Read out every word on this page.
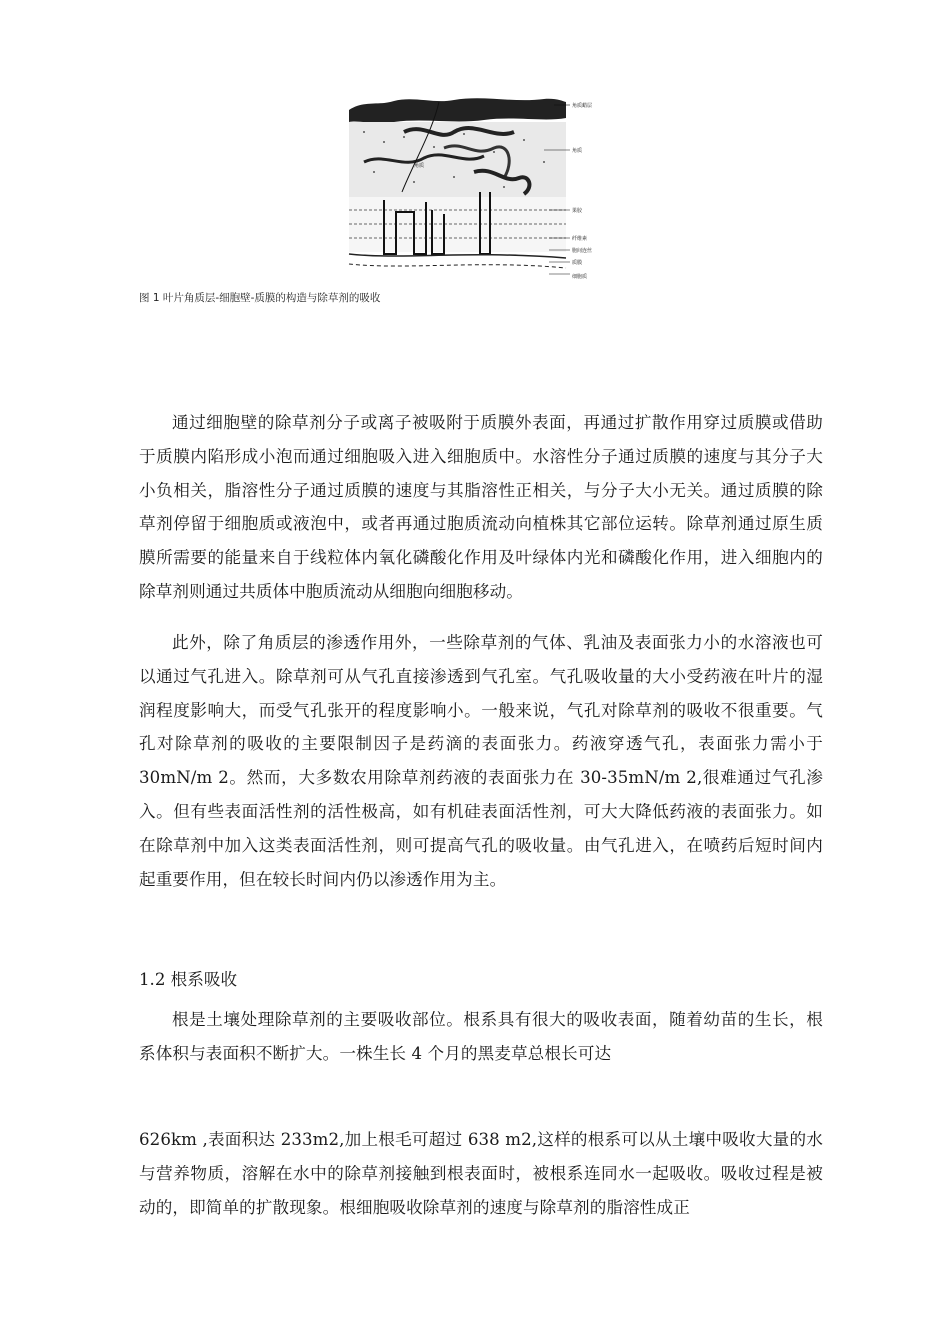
角质蜡层
角质
果胶
纤维素
胞间连丝
质膜
细胞质
角质
图 1 叶片角质层-细胞壁-质膜的构造与除草剂的吸收

通过细胞壁的除草剂分子或离子被吸附于质膜外表面，再通过扩散作用穿过质膜或借助于质膜内陷形成小泡而通过细胞吸入进入细胞质中。水溶性分子通过质膜的速度与其分子大小负相关，脂溶性分子通过质膜的速度与其脂溶性正相关，与分子大小无关。通过质膜的除草剂停留于细胞质或液泡中，或者再通过胞质流动向植株其它部位运转。除草剂通过原生质膜所需要的能量来自于线粒体内氧化磷酸化作用及叶绿体内光和磷酸化作用，进入细胞内的除草剂则通过共质体中胞质流动从细胞向细胞移动。

此外，除了角质层的渗透作用外，一些除草剂的气体、乳油及表面张力小的水溶液也可以通过气孔进入。除草剂可从气孔直接渗透到气孔室。气孔吸收量的大小受药液在叶片的湿润程度影响大，而受气孔张开的程度影响小。一般来说，气孔对除草剂的吸收不很重要。气孔对除草剂的吸收的主要限制因子是药滴的表面张力。药液穿透气孔，表面张力需小于 30mN/m 2。然而，大多数农用除草剂药液的表面张力在 30-35mN/m 2,很难通过气孔渗入。但有些表面活性剂的活性极高，如有机硅表面活性剂，可大大降低药液的表面张力。如在除草剂中加入这类表面活性剂，则可提高气孔的吸收量。由气孔进入，在喷药后短时间内起重要作用，但在较长时间内仍以渗透作用为主。

1.2 根系吸收

根是土壤处理除草剂的主要吸收部位。根系具有很大的吸收表面，随着幼苗的生长，根系体积与表面积不断扩大。一株生长 4 个月的黑麦草总根长可达

626km ,表面积达 233m2,加上根毛可超过 638 m2,这样的根系可以从土壤中吸收大量的水与营养物质，溶解在水中的除草剂接触到根表面时，被根系连同水一起吸收。吸收过程是被动的，即简单的扩散现象。根细胞吸收除草剂的速度与除草剂的脂溶性成正
